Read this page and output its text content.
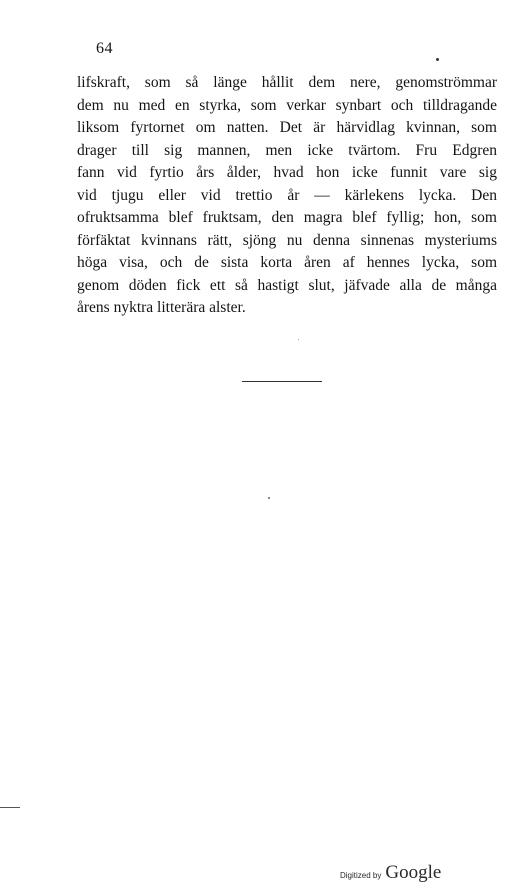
64
lifskraft, som så länge hållit dem nere, genomströmmar
dem nu med en styrka, som verkar synbart och tilldragande
liksom fyrtornet om natten. Det är härvidlag kvinnan, som
drager till sig mannen, men icke tvärtom. Fru Edgren
fann vid fyrtio års ålder, hvad hon icke funnit vare sig
vid tjugu eller vid trettio år — kärlekens lycka. Den
ofruktsamma blef fruktsam, den magra blef fyllig; hon, som
förfäktat kvinnans rätt, sjöng nu denna sinnenas mysteriums
höga visa, och de sista korta åren af hennes lycka, som
genom döden fick ett så hastigt slut, jäfvade alla de många
årens nyktra litterära alster.
Digitized by Google
